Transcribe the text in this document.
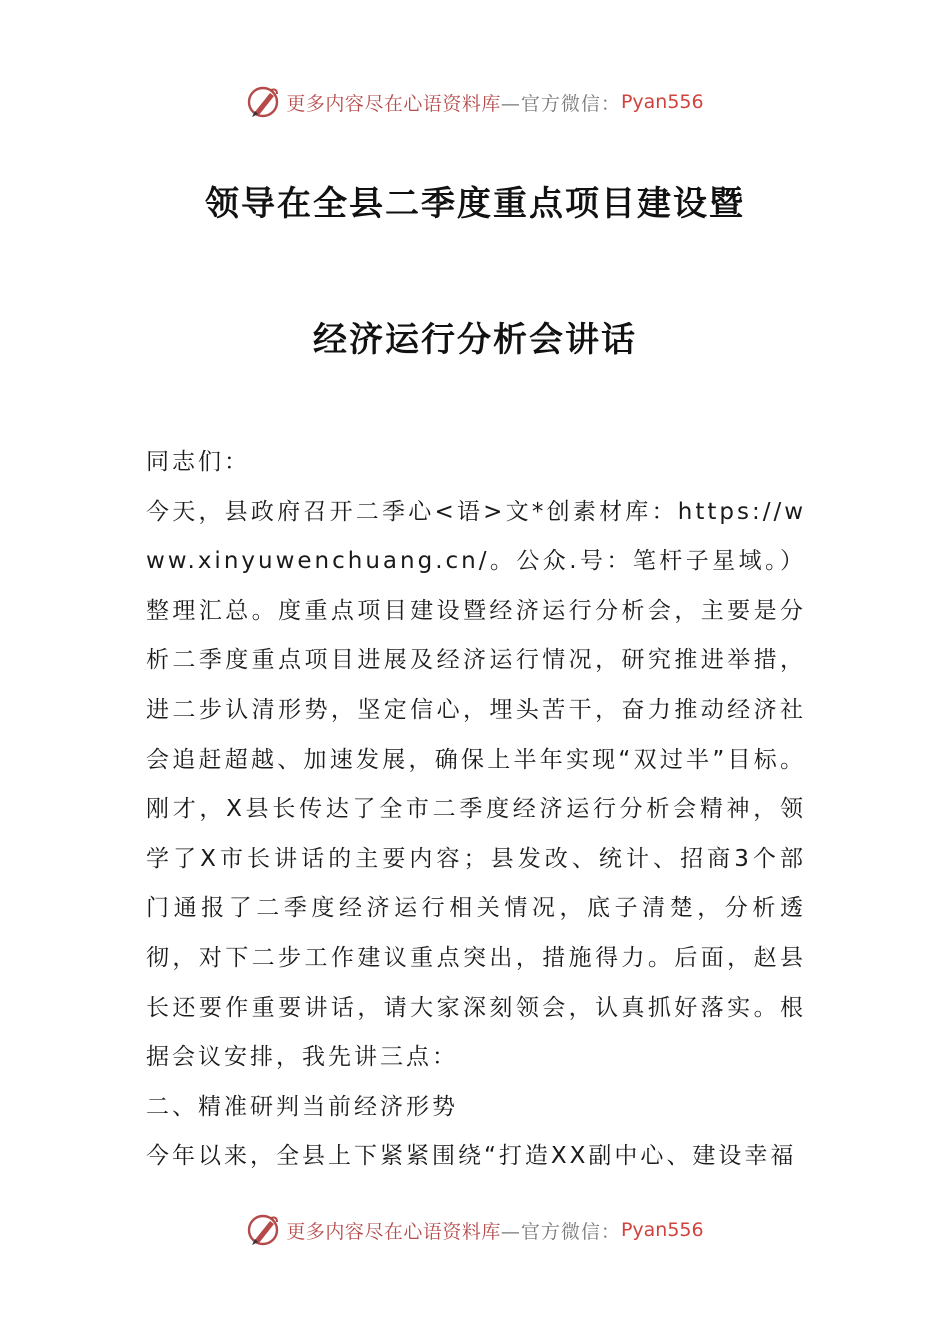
更多内容尽在心语资料库 —官方微信： Pyan556
领导在全县二季度重点项目建设暨
经济运行分析会讲话

同志们：

今天，县政府召开二季心<语>文*创素材库：https://www.xinyuwenchuang.cn/。公众.号：笔杆子星域。）整理汇总。度重点项目建设暨经济运行分析会，主要是分析二季度重点项目进展及经济运行情况，研究推进举措，进二步认清形势，坚定信心，埋头苦干，奋力推动经济社会追赶超越、加速发展，确保上半年实现“双过半”目标。刚才，X县长传达了全市二季度经济运行分析会精神，领学了X市长讲话的主要内容；县发改、统计、招商3个部门通报了二季度经济运行相关情况，底子清楚，分析透彻，对下二步工作建议重点突出，措施得力。后面，赵县长还要作重要讲话，请大家深刻领会，认真抓好落实。根据会议安排，我先讲三点：

二、精准研判当前经济形势

今年以来，全县上下紧紧围绕“打造XX副中心、建设幸福

更多内容尽在心语资料库 —官方微信： Pyan556
